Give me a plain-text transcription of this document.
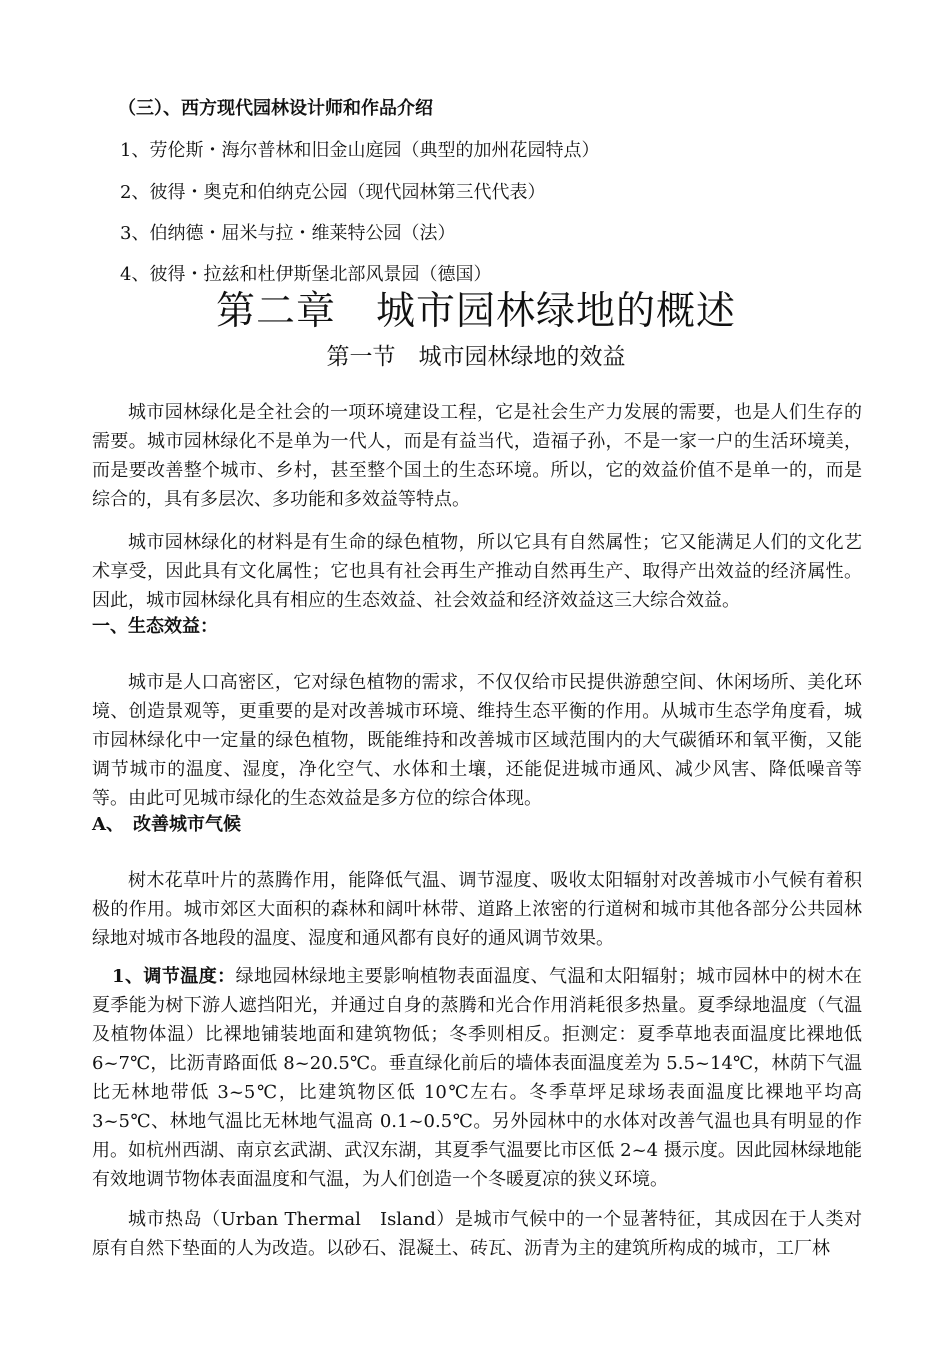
（三）、西方现代园林设计师和作品介绍
1、劳伦斯・海尔普林和旧金山庭园（典型的加州花园特点）
2、彼得・奥克和伯纳克公园（现代园林第三代代表）
3、伯纳德・屈米与拉・维莱特公园（法）
4、彼得・拉兹和杜伊斯堡北部风景园（德国）
第二章　城市园林绿地的概述
第一节　城市园林绿地的效益

城市园林绿化是全社会的一项环境建设工程，它是社会生产力发展的需要，也是人们生存的需要。城市园林绿化不是单为一代人，而是有益当代，造福子孙，不是一家一户的生活环境美，而是要改善整个城市、乡村，甚至整个国土的生态环境。所以，它的效益价值不是单一的，而是综合的，具有多层次、多功能和多效益等特点。

城市园林绿化的材料是有生命的绿色植物，所以它具有自然属性；它又能满足人们的文化艺术享受，因此具有文化属性；它也具有社会再生产推动自然再生产、取得产出效益的经济属性。因此，城市园林绿化具有相应的生态效益、社会效益和经济效益这三大综合效益。

一、生态效益：

城市是人口高密区，它对绿色植物的需求，不仅仅给市民提供游憩空间、休闲场所、美化环境、创造景观等，更重要的是对改善城市环境、维持生态平衡的作用。从城市生态学角度看，城市园林绿化中一定量的绿色植物，既能维持和改善城市区域范围内的大气碳循环和氧平衡，又能调节城市的温度、湿度，净化空气、水体和土壤，还能促进城市通风、减少风害、降低噪音等等。由此可见城市绿化的生态效益是多方位的综合体现。

A、　改善城市气候

树木花草叶片的蒸腾作用，能降低气温、调节湿度、吸收太阳辐射对改善城市小气候有着积极的作用。城市郊区大面积的森林和阔叶林带、道路上浓密的行道树和城市其他各部分公共园林绿地对城市各地段的温度、湿度和通风都有良好的通风调节效果。

1、调节温度：绿地园林绿地主要影响植物表面温度、气温和太阳辐射；城市园林中的树木在夏季能为树下游人遮挡阳光，并通过自身的蒸腾和光合作用消耗很多热量。夏季绿地温度（气温及植物体温）比裸地铺装地面和建筑物低；冬季则相反。拒测定：夏季草地表面温度比裸地低 6~7℃，比沥青路面低 8~20.5℃。垂直绿化前后的墙体表面温度差为 5.5~14℃，林荫下气温比无林地带低 3~5℃，比建筑物区低 10℃左右。冬季草坪足球场表面温度比裸地平均高 3~5℃、林地气温比无林地气温高 0.1~0.5℃。另外园林中的水体对改善气温也具有明显的作用。如杭州西湖、南京玄武湖、武汉东湖，其夏季气温要比市区低 2~4 摄示度。因此园林绿地能有效地调节物体表面温度和气温，为人们创造一个冬暖夏凉的狭义环境。

城市热岛（Urban Thermal　Island）是城市气候中的一个显著特征，其成因在于人类对原有自然下垫面的人为改造。以砂石、混凝土、砖瓦、沥青为主的建筑所构成的城市，工厂林
